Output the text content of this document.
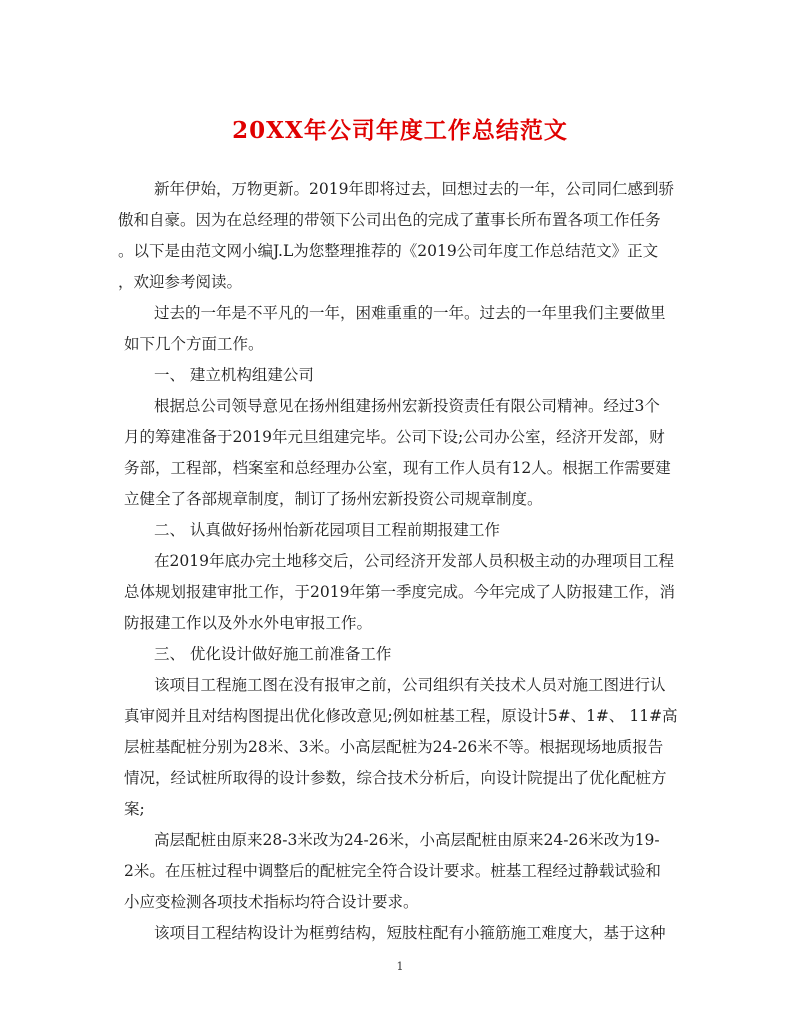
20XX年公司年度工作总结范文
新年伊始，万物更新。2019年即将过去，回想过去的一年，公司同仁感到骄
傲和自豪。因为在总经理的带领下公司出色的完成了董事长所布置各项工作任务
。以下是由范文网小编J.L为您整理推荐的《2019公司年度工作总结范文》正文
，欢迎参考阅读。
过去的一年是不平凡的一年，困难重重的一年。过去的一年里我们主要做里
如下几个方面工作。
一、 建立机构组建公司
根据总公司领导意见在扬州组建扬州宏新投资责任有限公司精神。经过3个
月的筹建准备于2019年元旦组建完毕。公司下设;公司办公室，经济开发部，财
务部，工程部，档案室和总经理办公室，现有工作人员有12人。根据工作需要建
立健全了各部规章制度，制订了扬州宏新投资公司规章制度。
二、 认真做好扬州怡新花园项目工程前期报建工作
在2019年底办完土地移交后，公司经济开发部人员积极主动的办理项目工程
总体规划报建审批工作，于2019年第一季度完成。今年完成了人防报建工作，消
防报建工作以及外水外电审报工作。
三、 优化设计做好施工前准备工作
该项目工程施工图在没有报审之前，公司组织有关技术人员对施工图进行认
真审阅并且对结构图提出优化修改意见;例如桩基工程，原设计5#、1#、 11#高
层桩基配桩分别为28米、3米。小高层配桩为24-26米不等。根据现场地质报告
情况，经试桩所取得的设计参数，综合技术分析后，向设计院提出了优化配桩方
案;
高层配桩由原来28-3米改为24-26米，小高层配桩由原来24-26米改为19-
2米。在压桩过程中调整后的配桩完全符合设计要求。桩基工程经过静载试验和
小应变检测各项技术指标均符合设计要求。
该项目工程结构设计为框剪结构，短肢柱配有小箍筋施工难度大，基于这种
1
